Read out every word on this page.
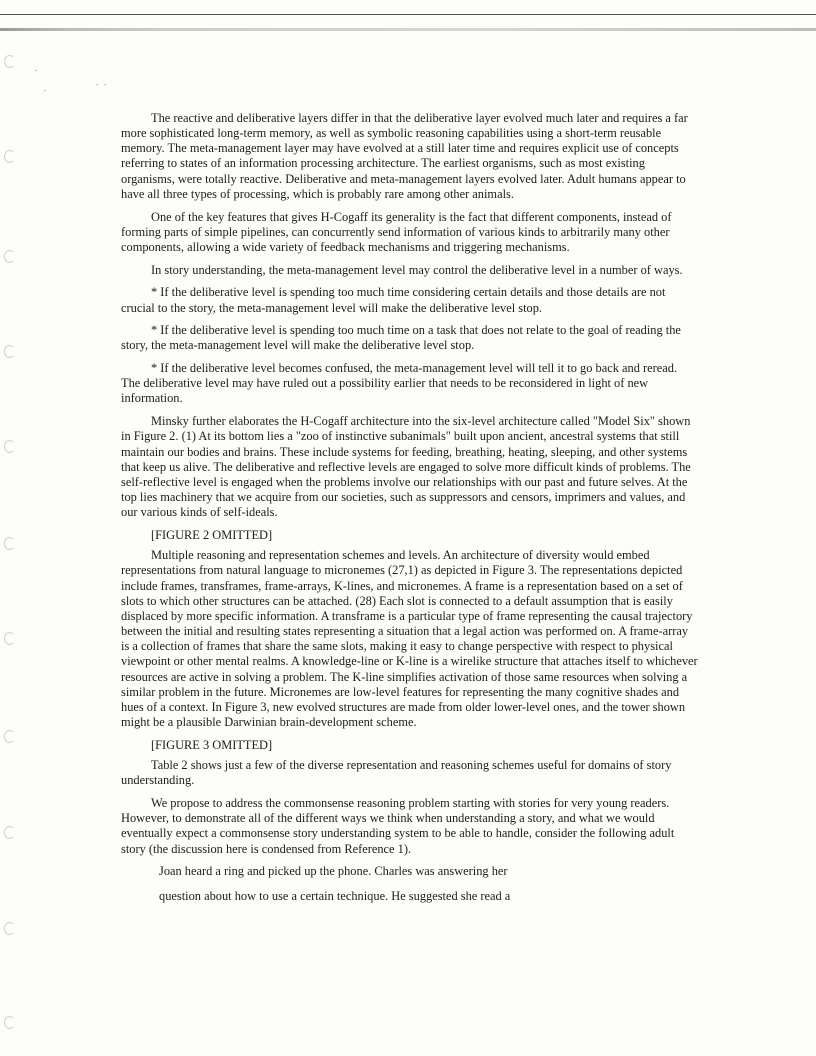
The reactive and deliberative layers differ in that the deliberative layer evolved much later and requires a far more sophisticated long-term memory, as well as symbolic reasoning capabilities using a short-term reusable memory. The meta-management layer may have evolved at a still later time and requires explicit use of concepts referring to states of an information processing architecture. The earliest organisms, such as most existing organisms, were totally reactive. Deliberative and meta-management layers evolved later. Adult humans appear to have all three types of processing, which is probably rare among other animals.

One of the key features that gives H-Cogaff its generality is the fact that different components, instead of forming parts of simple pipelines, can concurrently send information of various kinds to arbitrarily many other components, allowing a wide variety of feedback mechanisms and triggering mechanisms.

In story understanding, the meta-management level may control the deliberative level in a number of ways.

* If the deliberative level is spending too much time considering certain details and those details are not crucial to the story, the meta-management level will make the deliberative level stop.

* If the deliberative level is spending too much time on a task that does not relate to the goal of reading the story, the meta-management level will make the deliberative level stop.

* If the deliberative level becomes confused, the meta-management level will tell it to go back and reread. The deliberative level may have ruled out a possibility earlier that needs to be reconsidered in light of new information.

Minsky further elaborates the H-Cogaff architecture into the six-level architecture called "Model Six" shown in Figure 2. (1) At its bottom lies a "zoo of instinctive subanimals" built upon ancient, ancestral systems that still maintain our bodies and brains. These include systems for feeding, breathing, heating, sleeping, and other systems that keep us alive. The deliberative and reflective levels are engaged to solve more difficult kinds of problems. The self-reflective level is engaged when the problems involve our relationships with our past and future selves. At the top lies machinery that we acquire from our societies, such as suppressors and censors, imprimers and values, and our various kinds of self-ideals.

[FIGURE 2 OMITTED]

Multiple reasoning and representation schemes and levels. An architecture of diversity would embed representations from natural language to micronemes (27,1) as depicted in Figure 3. The representations depicted include frames, transframes, frame-arrays, K-lines, and micronemes. A frame is a representation based on a set of slots to which other structures can be attached. (28) Each slot is connected to a default assumption that is easily displaced by more specific information. A transframe is a particular type of frame representing the causal trajectory between the initial and resulting states representing a situation that a legal action was performed on. A frame-array is a collection of frames that share the same slots, making it easy to change perspective with respect to physical viewpoint or other mental realms. A knowledge-line or K-line is a wirelike structure that attaches itself to whichever resources are active in solving a problem. The K-line simplifies activation of those same resources when solving a similar problem in the future. Micronemes are low-level features for representing the many cognitive shades and hues of a context. In Figure 3, new evolved structures are made from older lower-level ones, and the tower shown might be a plausible Darwinian brain-development scheme.

[FIGURE 3 OMITTED]

Table 2 shows just a few of the diverse representation and reasoning schemes useful for domains of story understanding.

We propose to address the commonsense reasoning problem starting with stories for very young readers. However, to demonstrate all of the different ways we think when understanding a story, and what we would eventually expect a commonsense story understanding system to be able to handle, consider the following adult story (the discussion here is condensed from Reference 1).

Joan heard a ring and picked up the phone. Charles was answering her
question about how to use a certain technique. He suggested she read a
